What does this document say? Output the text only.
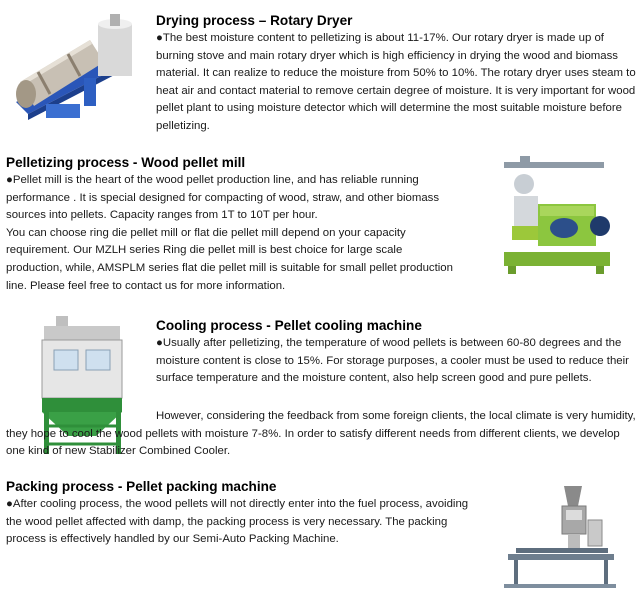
Drying process – Rotary Dryer

●The best moisture content to pelletizing is about 11-17%. Our rotary dryer is made up of burning stove and main rotary dryer which is high efficiency in drying the wood and biomass material. It can realize to reduce the moisture from 50% to 10%. The rotary dryer uses steam to heat air and contact material to remove certain degree of moisture. It is very important for wood pellet plant to using moisture detector which will determine the most suitable moisture before pelletizing.

Pelletizing process - Wood pellet mill

●Pellet mill is the heart of the wood pellet production line, and has reliable running performance . It is special designed for compacting of wood, straw, and other biomass sources into pellets. Capacity ranges from 1T to 10T per hour.

You can choose ring die pellet mill or flat die pellet mill depend on your capacity requirement. Our MZLH series Ring die pellet mill is best choice for large scale production, while, AMSPLM series flat die pellet mill is suitable for small pellet production line. Please feel free to contact us for more information.

Cooling process - Pellet cooling machine

●Usually after pelletizing, the temperature of wood pellets is between 60-80 degrees and the moisture content is close to 15%. For storage purposes, a cooler must be used to reduce their surface temperature and the moisture content, also help screen good and pure pellets.

However, considering the feedback from some foreign clients, the local climate is very humidity, they hope to cool the wood pellets with moisture 7-8%. In order to satisfy different needs from different clients, we develop one kind of new Stabilizer Combined Cooler.

Packing process - Pellet packing machine

●After cooling process, the wood pellets will not directly enter into the fuel process, avoiding the wood pellet affected with damp, the packing process is very necessary. The packing process is effectively handled by our Semi-Auto Packing Machine.
